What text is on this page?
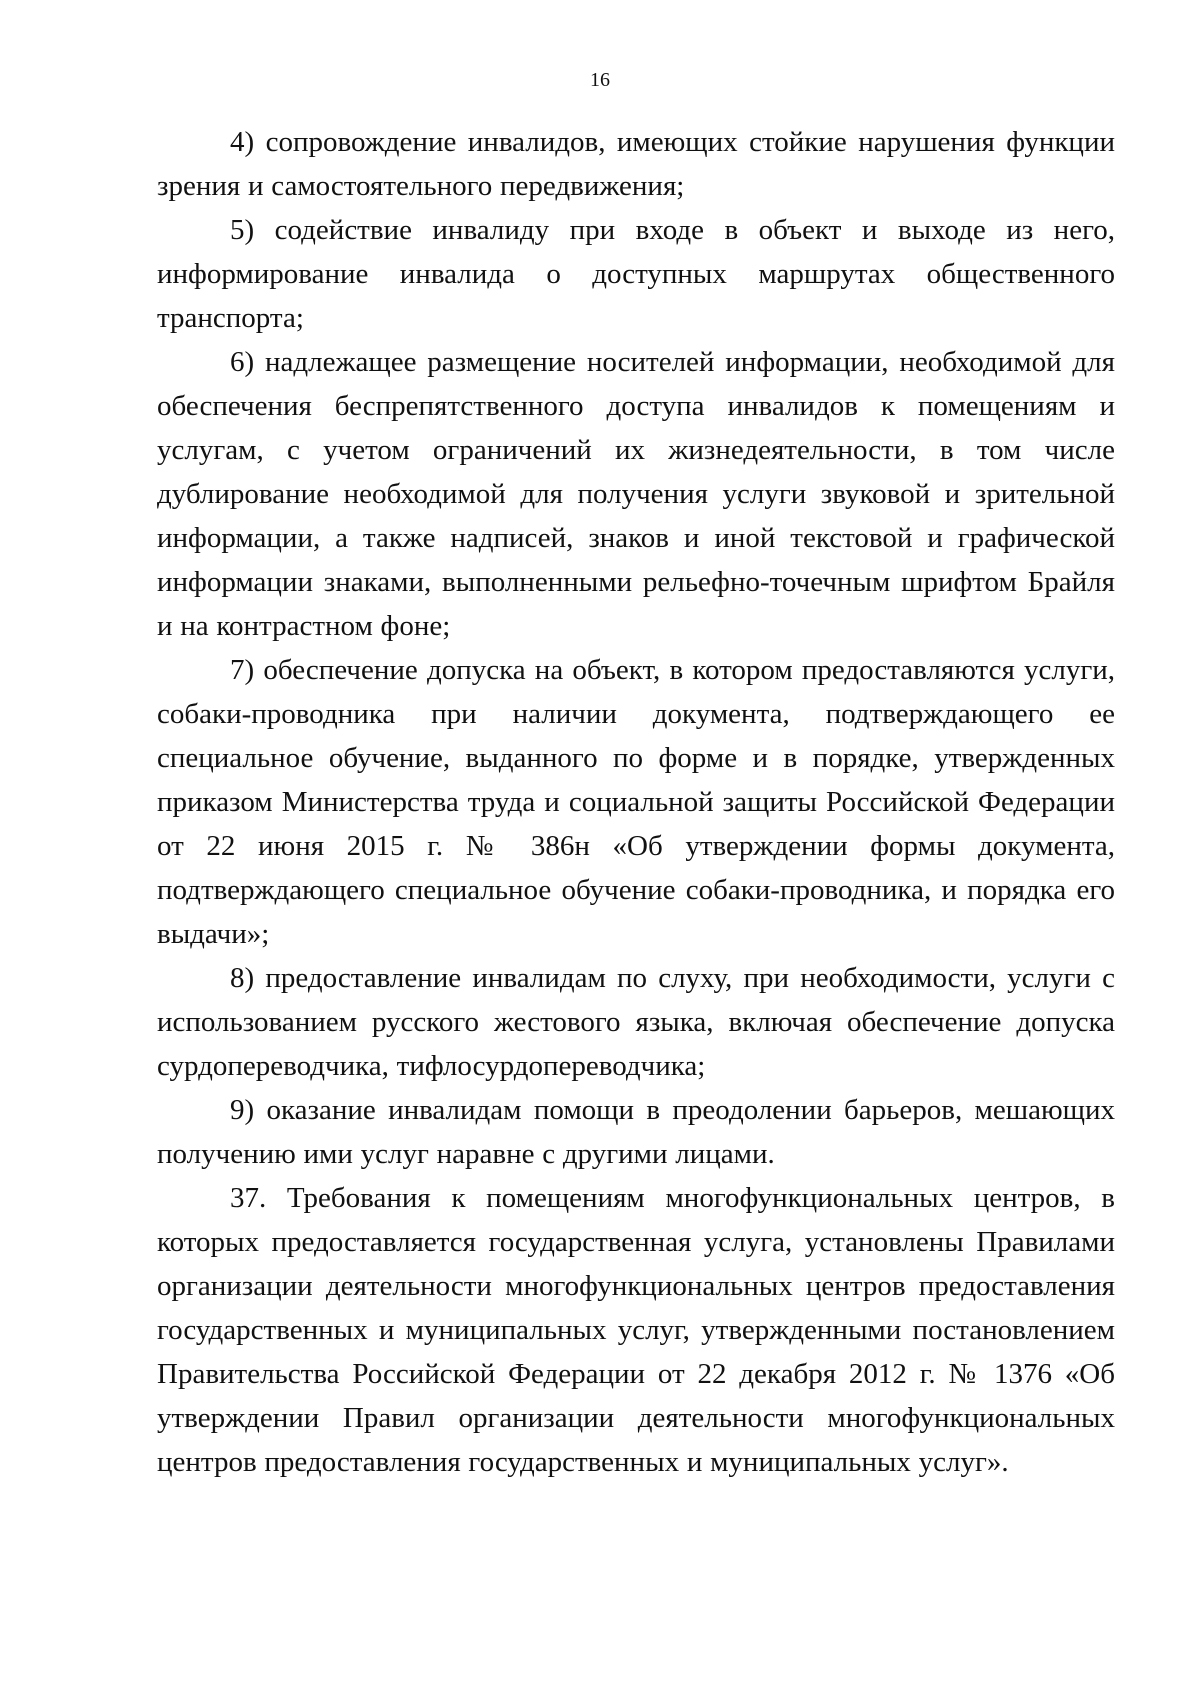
16

4) сопровождение инвалидов, имеющих стойкие нарушения функции зрения и самостоятельного передвижения;

5) содействие инвалиду при входе в объект и выходе из него, информирование инвалида о доступных маршрутах общественного транспорта;

6) надлежащее размещение носителей информации, необходимой для обеспечения беспрепятственного доступа инвалидов к помещениям и услугам, с учетом ограничений их жизнедеятельности, в том числе дублирование необходимой для получения услуги звуковой и зрительной информации, а также надписей, знаков и иной текстовой и графической информации знаками, выполненными рельефно-точечным шрифтом Брайля и на контрастном фоне;

7) обеспечение допуска на объект, в котором предоставляются услуги, собаки-проводника при наличии документа, подтверждающего ее специальное обучение, выданного по форме и в порядке, утвержденных приказом Министерства труда и социальной защиты Российской Федерации от 22 июня 2015 г. № 386н «Об утверждении формы документа, подтверждающего специальное обучение собаки-проводника, и порядка его выдачи»;

8) предоставление инвалидам по слуху, при необходимости, услуги с использованием русского жестового языка, включая обеспечение допуска сурдопереводчика, тифлосурдопереводчика;

9) оказание инвалидам помощи в преодолении барьеров, мешающих получению ими услуг наравне с другими лицами.

37. Требования к помещениям многофункциональных центров, в которых предоставляется государственная услуга, установлены Правилами организации деятельности многофункциональных центров предоставления государственных и муниципальных услуг, утвержденными постановлением Правительства Российской Федерации от 22 декабря 2012 г. № 1376 «Об утверждении Правил организации деятельности многофункциональных центров предоставления государственных и муниципальных услуг».
